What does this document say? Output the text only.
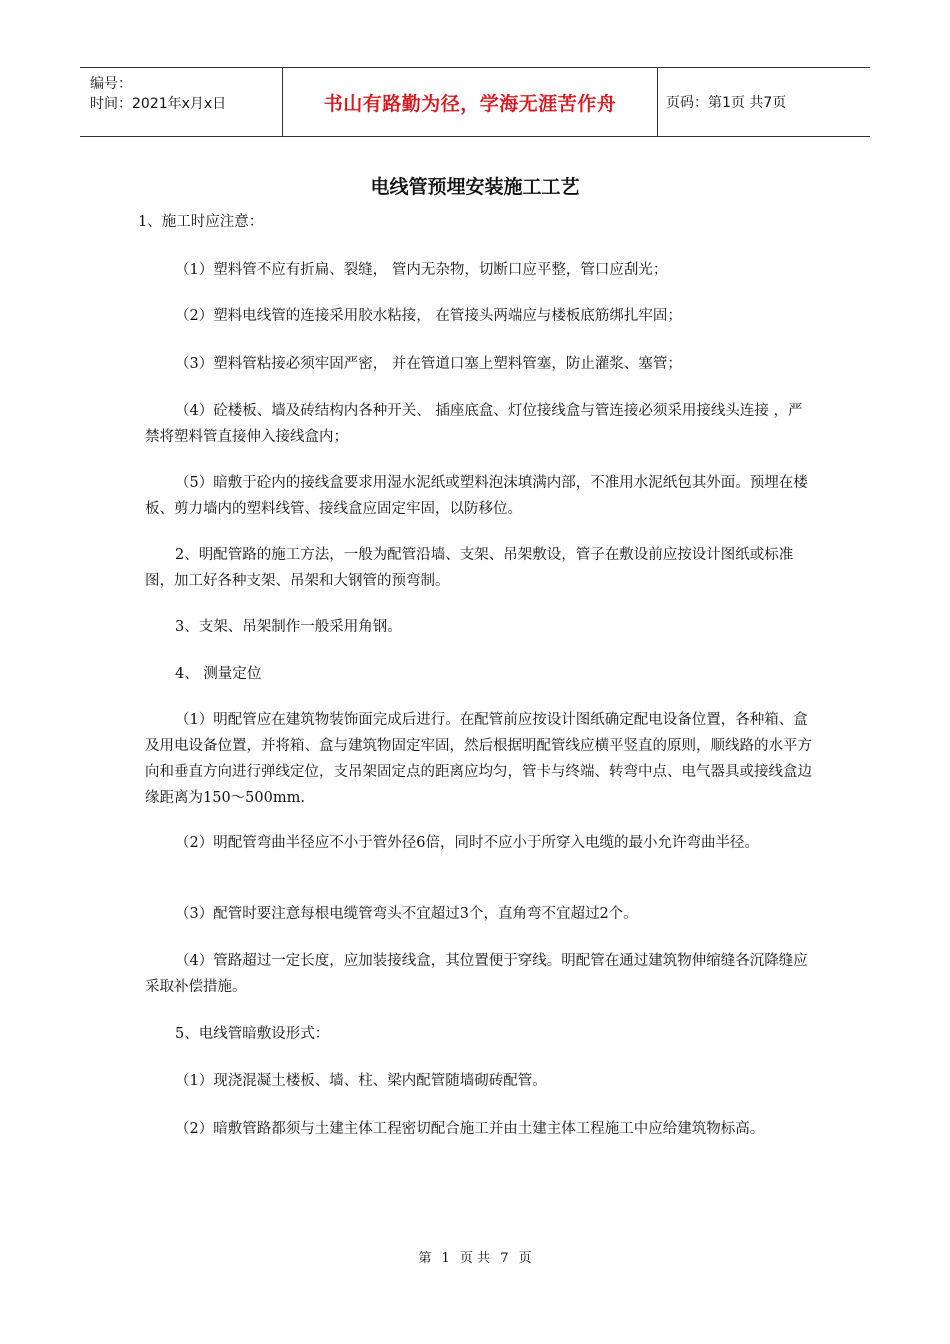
编号：
时间：2021年x月x日	书山有路勤为径，学海无涯苦作舟	页码：第1页 共7页
电线管预埋安装施工工艺

1、施工时应注意：

（1）塑料管不应有折扁、裂缝， 管内无杂物，切断口应平整，管口应刮光；

（2）塑料电线管的连接采用胶水粘接， 在管接头两端应与楼板底筋绑扎牢固；

（3）塑料管粘接必须牢固严密， 并在管道口塞上塑料管塞，防止灌浆、塞管；

（4）砼楼板、墙及砖结构内各种开关、 插座底盒、灯位接线盒与管连接必须采用接线头连接 ，严禁将塑料管直接伸入接线盒内；

（5）暗敷于砼内的接线盒要求用湿水泥纸或塑料泡沫填满内部，不准用水泥纸包其外面。预埋在楼板、剪力墙内的塑料线管、接线盒应固定牢固，以防移位。

2、明配管路的施工方法，一般为配管沿墙、支架、吊架敷设，管子在敷设前应按设计图纸或标准图，加工好各种支架、吊架和大钢管的预弯制。

3、支架、吊架制作一般采用角钢。

4、 测量定位

（1）明配管应在建筑物装饰面完成后进行。在配管前应按设计图纸确定配电设备位置，各种箱、盒及用电设备位置，并将箱、盒与建筑物固定牢固，然后根据明配管线应横平竖直的原则，顺线路的水平方向和垂直方向进行弹线定位，支吊架固定点的距离应均匀，管卡与终端、转弯中点、电气器具或接线盒边缘距离为150～500mm.

（2）明配管弯曲半径应不小于管外径6倍，同时不应小于所穿入电缆的最小允许弯曲半径。

（3）配管时要注意每根电缆管弯头不宜超过3个，直角弯不宜超过2个。

（4）管路超过一定长度，应加装接线盒，其位置便于穿线。明配管在通过建筑物伸缩缝各沉降缝应采取补偿措施。

5、电线管暗敷设形式：

（1）现浇混凝土楼板、墙、柱、梁内配管随墙砌砖配管。

（2）暗敷管路都须与土建主体工程密切配合施工并由土建主体工程施工中应给建筑物标高。

第 1 页 共 7 页
